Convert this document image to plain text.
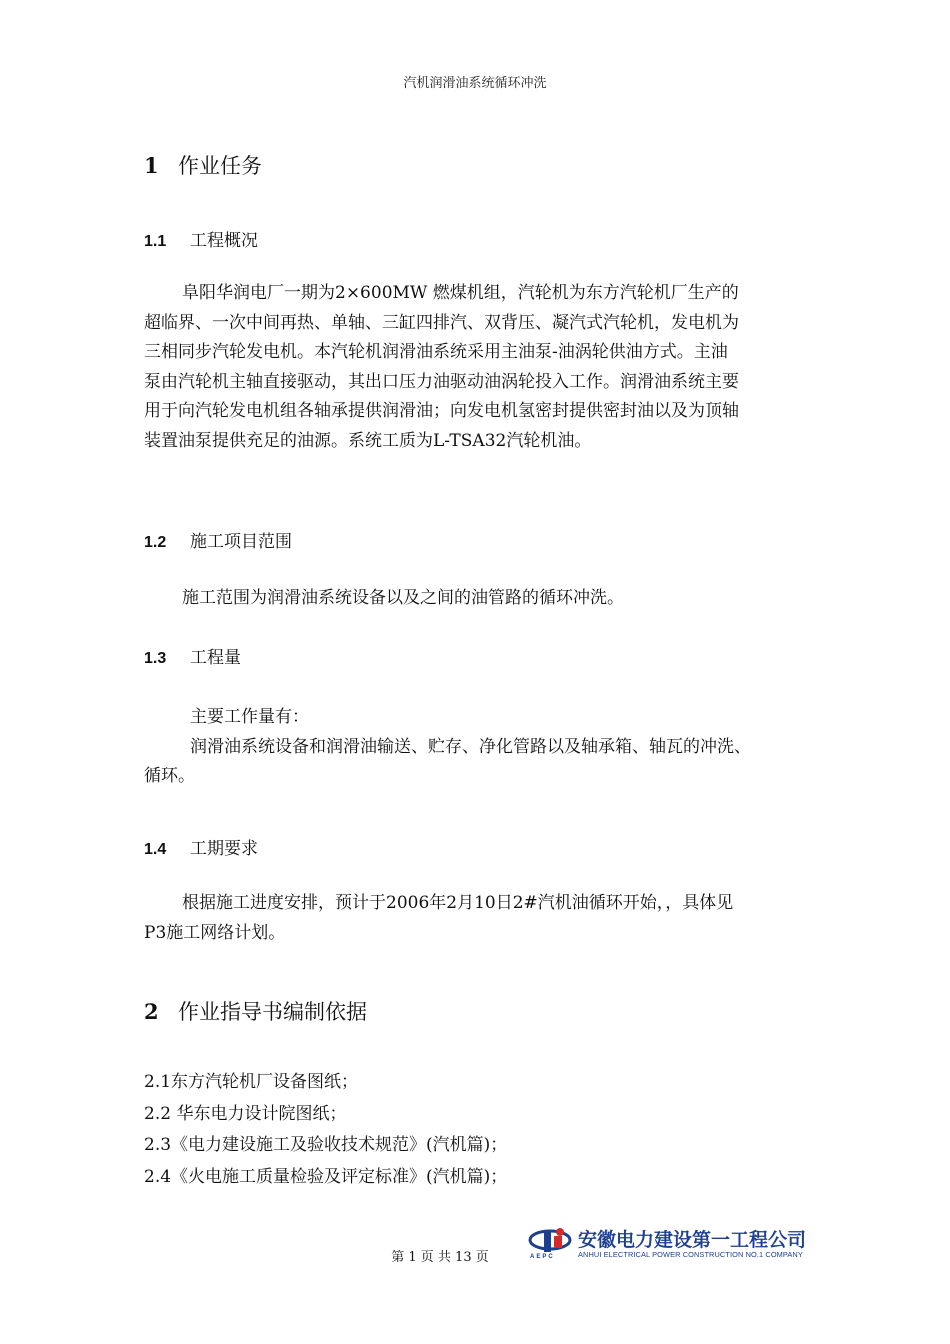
汽机润滑油系统循环冲洗
1 作业任务
1.1 工程概况
阜阳华润电厂一期为2×600MW 燃煤机组，汽轮机为东方汽轮机厂生产的
超临界、一次中间再热、单轴、三缸四排汽、双背压、凝汽式汽轮机，发电机为
三相同步汽轮发电机。本汽轮机润滑油系统采用主油泵-油涡轮供油方式。主油
泵由汽轮机主轴直接驱动，其出口压力油驱动油涡轮投入工作。润滑油系统主要
用于向汽轮发电机组各轴承提供润滑油；向发电机氢密封提供密封油以及为顶轴
装置油泵提供充足的油源。系统工质为L-TSA32汽轮机油。
1.2 施工项目范围
施工范围为润滑油系统设备以及之间的油管路的循环冲洗。
1.3 工程量
主要工作量有：
润滑油系统设备和润滑油输送、贮存、净化管路以及轴承箱、轴瓦的冲洗、
循环。
1.4 工期要求
根据施工进度安排，预计于2006年2月10日2#汽机油循环开始，，具体见
P3施工网络计划。
2 作业指导书编制依据
2.1东方汽轮机厂设备图纸；
2.2 华东电力设计院图纸；
2.3《电力建设施工及验收技术规范》(汽机篇)；
2.4《火电施工质量检验及评定标准》(汽机篇)；
第 1 页 共 13 页	AEPC
安徽电力建设第一工程公司
ANHUI ELECTRICAL POWER CONSTRUCTION NO.1 COMPANY
